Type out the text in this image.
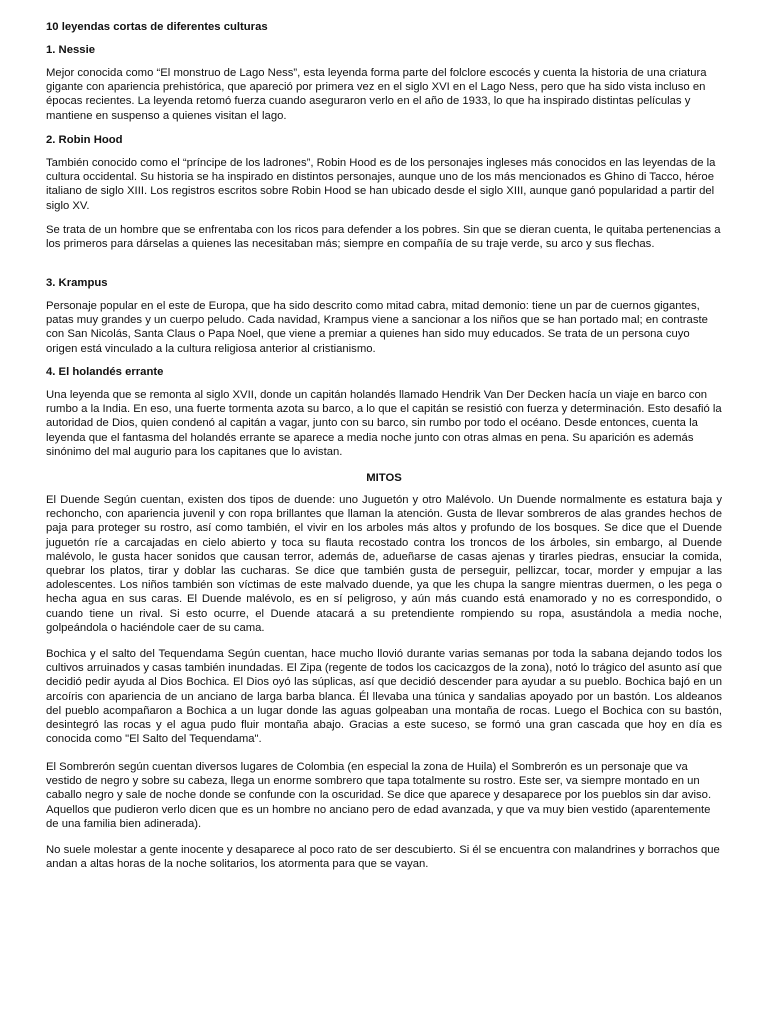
10 leyendas cortas de diferentes culturas
1. Nessie

Mejor conocida como “El monstruo de Lago Ness”, esta leyenda forma parte del folclore escocés y cuenta la historia de una criatura gigante con apariencia prehistórica, que apareció por primera vez en el siglo XVI en el Lago Ness, pero que ha sido vista incluso en épocas recientes. La leyenda retomó fuerza cuando aseguraron verlo en el año de 1933, lo que ha inspirado distintas películas y mantiene en suspenso a quienes visitan el lago.

2. Robin Hood

También conocido como el “príncipe de los ladrones”, Robin Hood es de los personajes ingleses más conocidos en las leyendas de la cultura occidental. Su historia se ha inspirado en distintos personajes, aunque uno de los más mencionados es Ghino di Tacco, héroe italiano de siglo XIII. Los registros escritos sobre Robin Hood se han ubicado desde el siglo XIII, aunque ganó popularidad a partir del siglo XV.

Se trata de un hombre que se enfrentaba con los ricos para defender a los pobres. Sin que se dieran cuenta, le quitaba pertenencias a los primeros para dárselas a quienes las necesitaban más; siempre en compañía de su traje verde, su arco y sus flechas.

3. Krampus

Personaje popular en el este de Europa, que ha sido descrito como mitad cabra, mitad demonio: tiene un par de cuernos gigantes, patas muy grandes y un cuerpo peludo. Cada navidad, Krampus viene a sancionar a los niños que se han portado mal; en contraste con San Nicolás, Santa Claus o Papa Noel, que viene a premiar a quienes han sido muy educados. Se trata de un persona cuyo origen está vinculado a la cultura religiosa anterior al cristianismo.

4. El holandés errante

Una leyenda que se remonta al siglo XVII, donde un capitán holandés llamado Hendrik Van Der Decken hacía un viaje en barco con rumbo a la India. En eso, una fuerte tormenta azota su barco, a lo que el capitán se resistió con fuerza y determinación. Esto desafió la autoridad de Dios, quien condenó al capitán a vagar, junto con su barco, sin rumbo por todo el océano. Desde entonces, cuenta la leyenda que el fantasma del holandés errante se aparece a media noche junto con otras almas en pena. Su aparición es además sinónimo del mal augurio para los capitanes que lo avistan.

MITOS

El Duende Según cuentan, existen dos tipos de duende: uno Juguetón y otro Malévolo. Un Duende normalmente es estatura baja y rechoncho, con apariencia juvenil y con ropa brillantes que llaman la atención. Gusta de llevar sombreros de alas grandes hechos de paja para proteger su rostro, así como también, el vivir en los arboles más altos y profundo de los bosques. Se dice que el Duende juguetón ríe a carcajadas en cielo abierto y toca su flauta recostado contra los troncos de los árboles, sin embargo, al Duende malévolo, le gusta hacer sonidos que causan terror, además de, adueñarse de casas ajenas y tirarles piedras, ensuciar la comida, quebrar los platos, tirar y doblar las cucharas. Se dice que también gusta de perseguir, pellizcar, tocar, morder y empujar a las adolescentes. Los niños también son víctimas de este malvado duende, ya que les chupa la sangre mientras duermen, o les pega o hecha agua en sus caras. El Duende malévolo, es en sí peligroso, y aún más cuando está enamorado y no es correspondido, o cuando tiene un rival. Si esto ocurre, el Duende atacará a su pretendiente rompiendo su ropa, asustándola a media noche, golpeándola o haciéndole caer de su cama.

Bochica y el salto del Tequendama Según cuentan, hace mucho llovió durante varias semanas por toda la sabana dejando todos los cultivos arruinados y casas también inundadas. El Zipa (regente de todos los cacicazgos de la zona), notó lo trágico del asunto así que decidió pedir ayuda al Dios Bochica. El Dios oyó las súplicas, así que decidió descender para ayudar a su pueblo. Bochica bajó en un arcoíris con apariencia de un anciano de larga barba blanca. Él llevaba una túnica y sandalias apoyado por un bastón. Los aldeanos del pueblo acompañaron a Bochica a un lugar donde las aguas golpeaban una montaña de rocas. Luego el Bochica con su bastón, desintegró las rocas y el agua pudo fluir montaña abajo. Gracias a este suceso, se formó una gran cascada que hoy en día es conocida como "El Salto del Tequendama".

El Sombrerón según cuentan diversos lugares de Colombia (en especial la zona de Huila) el Sombrerón es un personaje que va vestido de negro y sobre su cabeza, llega un enorme sombrero que tapa totalmente su rostro. Este ser, va siempre montado en un caballo negro y sale de noche donde se confunde con la oscuridad. Se dice que aparece y desaparece por los pueblos sin dar aviso. Aquellos que pudieron verlo dicen que es un hombre no anciano pero de edad avanzada, y que va muy bien vestido (aparentemente de una familia bien adinerada).

No suele molestar a gente inocente y desaparece al poco rato de ser descubierto. Si él se encuentra con malandrines y borrachos que andan a altas horas de la noche solitarios, los atormenta para que se vayan.
